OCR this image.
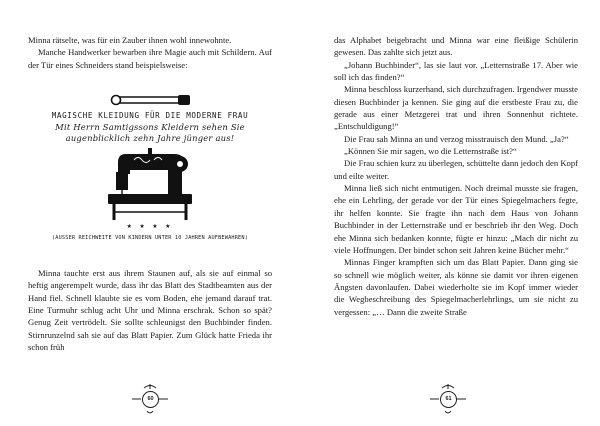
Minna rätselte, was für ein Zauber ihnen wohl innewohnte.

Manche Handwerker bewarben ihre Magie auch mit Schildern. Auf der Tür eines Schneiders stand beispielsweise:

MAGISCHE KLEIDUNG FÜR DIE MODERNE FRAU
Mit Herrn Samtigssons Kleidern sehen Sie
augenblicklich zehn Jahre jünger aus!
★ ★ ★ ★
(AUSSER REICHWEITE VON KINDERN UNTER 10 JAHREN AUFBEWAHREN)

Minna tauchte erst aus ihrem Staunen auf, als sie auf einmal so heftig angerempelt wurde, dass ihr das Blatt des Stadtbeamten aus der Hand fiel. Schnell klaubte sie es vom Boden, ehe jemand darauf trat. Eine Turmuhr schlug acht Uhr und Minna erschrak. Schon so spät? Genug Zeit vertrödelt. Sie sollte schleunigst den Buchbinder finden. Stirnrunzelnd sah sie auf das Blatt Papier. Zum Glück hatte Frieda ihr schon früh

60

das Alphabet beigebracht und Minna war eine fleißige Schülerin gewesen. Das zahlte sich jetzt aus.

„Johann Buchbinder“, las sie laut vor. „Letternstraße 17. Aber wie soll ich das finden?“

Minna beschloss kurzerhand, sich durchzufragen. Irgendwer musste diesen Buchbinder ja kennen. Sie ging auf die erstbeste Frau zu, die gerade aus einer Metzgerei trat und ihren Sonnenhut richtete. „Entschuldigung!“

Die Frau sah Minna an und verzog misstrauisch den Mund. „Ja?“

„Können Sie mir sagen, wo die Letternstraße ist?“

Die Frau schien kurz zu überlegen, schüttelte dann jedoch den Kopf und eilte weiter.

Minna ließ sich nicht entmutigen. Noch dreimal musste sie fragen, ehe ein Lehrling, der gerade vor der Tür eines Spiegelmachers fegte, ihr helfen konnte. Sie fragte ihn nach dem Haus von Johann Buchbinder in der Letternstraße und er beschrieb ihr den Weg. Doch ehe Minna sich bedanken konnte, fügte er hinzu: „Mach dir nicht zu viele Hoffnungen. Der bindet schon seit Jahren keine Bücher mehr.“

Minnas Finger krampften sich um das Blatt Papier. Dann ging sie so schnell wie möglich weiter, als könne sie damit vor ihren eigenen Ängsten davonlaufen. Dabei wiederholte sie im Kopf immer wieder die Wegbeschreibung des Spiegelmacherlehrlings, um sie nicht zu vergessen: „… Dann die zweite Straße

61
